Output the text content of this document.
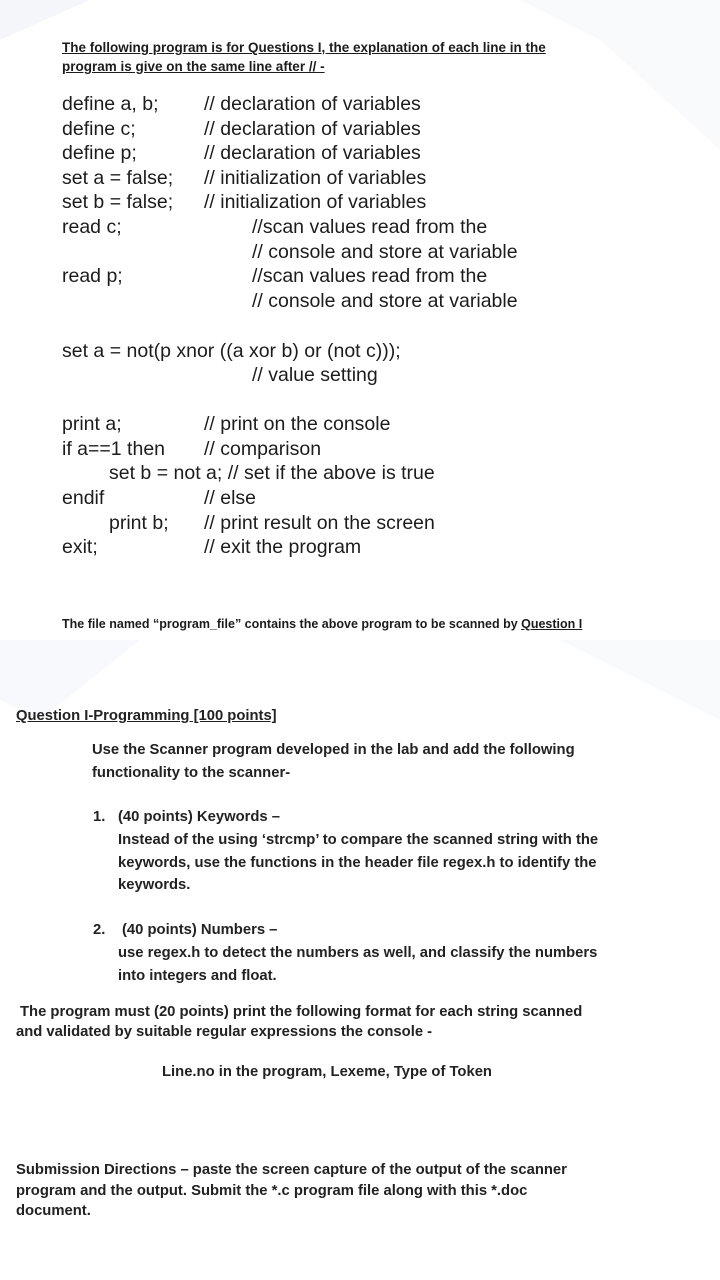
The following program is for Questions I, the explanation of each line in the
program is give on the same line after // -
define a, b; // declaration of variables
define c;	// declaration of variables
define p;	// declaration of variables
set a = false; // initialization of variables
set b = false; // initialization of variables
read c;	//scan values read from the
// console and store at variable
read p;	//scan values read from the
// console and store at variable
set a = not(p xnor ((a xor b) or (not c)));
// value setting
print a;	// print on the console
if a==1 then // comparison
set b = not a; // set if the above is true
endif	// else
print b; // print result on the screen
exit;	// exit the program
The file named “program_file” contains the above program to be scanned by Question I
Question I-Programming [100 points]
Use the Scanner program developed in the lab and add the following
functionality to the scanner-
1. (40 points) Keywords –
Instead of the using ‘strcmp’ to compare the scanned string with the
keywords, use the functions in the header file regex.h to identify the
keywords.
2. (40 points) Numbers –
use regex.h to detect the numbers as well, and classify the numbers
into integers and float.
The program must (20 points) print the following format for each string scanned
and validated by suitable regular expressions the console -
Line.no in the program, Lexeme, Type of Token
Submission Directions – paste the screen capture of the output of the scanner
program and the output. Submit the *.c program file along with this *.doc
document.
